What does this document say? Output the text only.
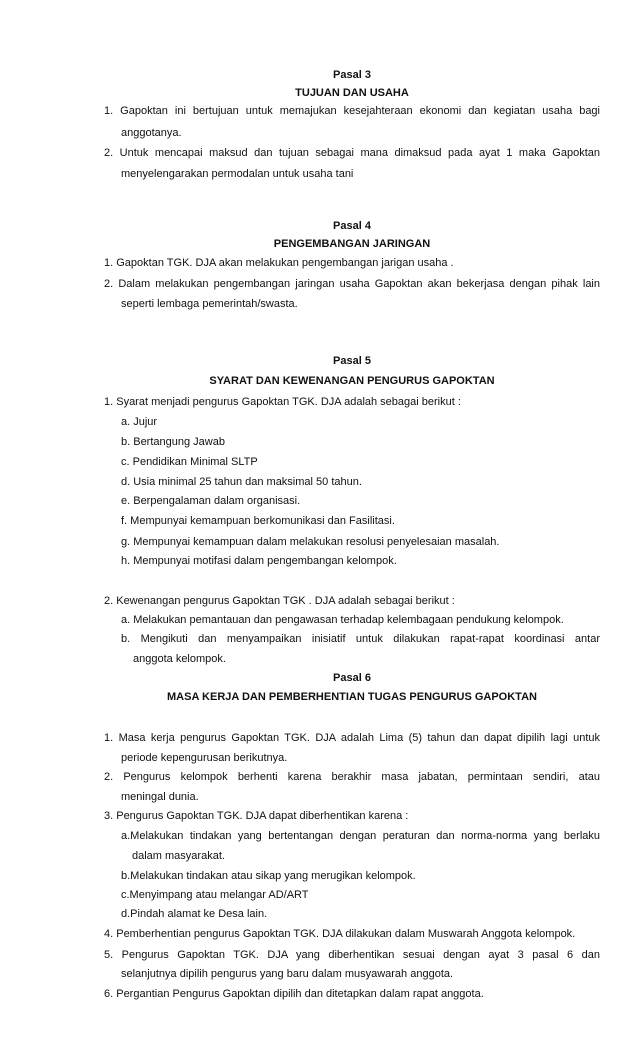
Pasal 3
TUJUAN DAN USAHA
1. Gapoktan ini bertujuan untuk memajukan kesejahteraan ekonomi dan kegiatan usaha bagi
anggotanya.
2. Untuk mencapai maksud dan tujuan sebagai mana dimaksud pada ayat 1 maka Gapoktan
menyelengarakan permodalan untuk usaha tani
Pasal 4
PENGEMBANGAN JARINGAN
1. Gapoktan TGK. DJA akan melakukan pengembangan jarigan usaha .
2. Dalam melakukan pengembangan jaringan usaha Gapoktan akan bekerjasa dengan pihak lain
seperti lembaga pemerintah/swasta.
Pasal 5
SYARAT DAN KEWENANGAN PENGURUS GAPOKTAN
1. Syarat menjadi pengurus Gapoktan TGK. DJA adalah sebagai berikut :
a. Jujur
b. Bertangung Jawab
c. Pendidikan Minimal SLTP
d. Usia minimal 25 tahun dan maksimal 50 tahun.
e. Berpengalaman dalam organisasi.
f. Mempunyai kemampuan berkomunikasi dan Fasilitasi.
g. Mempunyai kemampuan dalam melakukan resolusi penyelesaian masalah.
h. Mempunyai motifasi dalam pengembangan kelompok.
2. Kewenangan pengurus Gapoktan TGK . DJA adalah sebagai berikut :
a. Melakukan pemantauan dan pengawasan terhadap kelembagaan pendukung kelompok.
b. Mengikuti dan menyampaikan inisiatif untuk dilakukan rapat-rapat koordinasi antar
anggota kelompok.
Pasal 6
MASA KERJA DAN PEMBERHENTIAN TUGAS PENGURUS GAPOKTAN
1. Masa kerja pengurus Gapoktan TGK. DJA adalah Lima (5) tahun dan dapat dipilih lagi untuk
periode kepengurusan berikutnya.
2. Pengurus kelompok berhenti karena berakhir masa jabatan, permintaan sendiri, atau
meningal dunia.
3. Pengurus Gapoktan TGK. DJA dapat diberhentikan karena :
a.Melakukan tindakan yang bertentangan dengan peraturan dan norma-norma yang berlaku
dalam masyarakat.
b.Melakukan tindakan atau sikap yang merugikan kelompok.
c.Menyimpang atau melangar AD/ART
d.Pindah alamat ke Desa lain.
4. Pemberhentian pengurus Gapoktan TGK. DJA dilakukan dalam Muswarah Anggota kelompok.
5. Pengurus Gapoktan TGK. DJA yang diberhentikan sesuai dengan ayat 3 pasal 6 dan
selanjutnya dipilih pengurus yang baru dalam musyawarah anggota.
6. Pergantian Pengurus Gapoktan dipilih dan ditetapkan dalam rapat anggota.
